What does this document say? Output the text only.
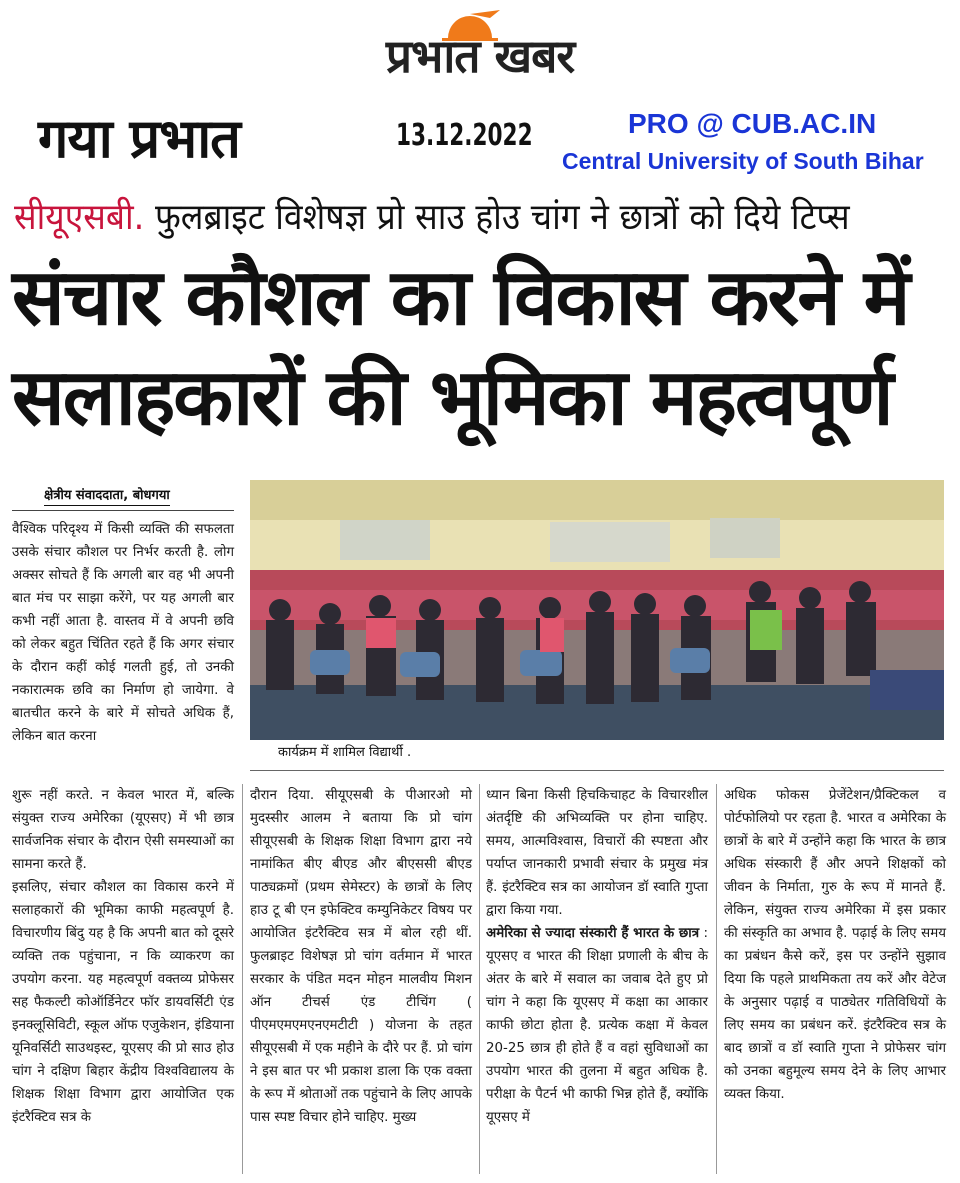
प्रभात खबर
गया प्रभात	13.12.2022	PRO @ CUB.AC.IN
Central University of South Bihar
सीयूएसबी. फुलब्राइट विशेषज्ञ प्रो साउ होउ चांग ने छात्रों को दिये टिप्स
संचार कौशल का विकास करने में
सलाहकारों की भूमिका महत्वपूर्ण
क्षेत्रीय संवाददाता, बोधगया

वैश्विक परिदृश्य में किसी व्यक्ति की सफलता उसके संचार कौशल पर निर्भर करती है. लोग अक्सर सोचते हैं कि अगली बार वह भी अपनी बात मंच पर साझा करेंगे, पर यह अगली बार कभी नहीं आता है. वास्तव में वे अपनी छवि को लेकर बहुत चिंतित रहते हैं कि अगर संचार के दौरान कहीं कोई गलती हुई, तो उनकी नकारात्मक छवि का निर्माण हो जायेगा. वे बातचीत करने के बारे में सोचते अधिक हैं, लेकिन बात करना

कार्यक्रम में शामिल विद्यार्थी .

शुरू नहीं करते. न केवल भारत में, बल्कि संयुक्त राज्य अमेरिका (यूएसए) में भी छात्र सार्वजनिक संचार के दौरान ऐसी समस्याओं का सामना करते हैं.

इसलिए, संचार कौशल का विकास करने में सलाहकारों की भूमिका काफी महत्वपूर्ण है. विचारणीय बिंदु यह है कि अपनी बात को दूसरे व्यक्ति तक पहुंचाना, न कि व्याकरण का उपयोग करना. यह महत्वपूर्ण वक्तव्य प्रोफेसर सह फैकल्टी कोऑर्डिनेटर फॉर डायवर्सिटी एंड इनक्लूसिविटी, स्कूल ऑफ एजुकेशन, इंडियाना यूनिवर्सिटी साउथइस्ट, यूएसए की प्रो साउ होउ चांग ने दक्षिण बिहार केंद्रीय विश्वविद्यालय के शिक्षक शिक्षा विभाग द्वारा आयोजित एक इंटरैक्टिव सत्र के

दौरान दिया. सीयूएसबी के पीआरओ मो मुदस्सीर आलम ने बताया कि प्रो चांग सीयूएसबी के शिक्षक शिक्षा विभाग द्वारा नये नामांकित बीए बीएड और बीएससी बीएड पाठ्यक्रमों (प्रथम सेमेस्टर) के छात्रों के लिए हाउ टू बी एन इफेक्टिव कम्युनिकेटर विषय पर आयोजित इंटरैक्टिव सत्र में बोल रही थीं. फुलब्राइट विशेषज्ञ प्रो चांग वर्तमान में भारत सरकार के पंडित मदन मोहन मालवीय मिशन ऑन टीचर्स एंड टीचिंग ( पीएमएमएमएनएमटीटी ) योजना के तहत सीयूएसबी में एक महीने के दौरे पर हैं. प्रो चांग ने इस बात पर भी प्रकाश डाला कि एक वक्ता के रूप में श्रोताओं तक पहुंचाने के लिए आपके पास स्पष्ट विचार होने चाहिए. मुख्य

ध्यान बिना किसी हिचकिचाहट के विचारशील अंतर्दृष्टि की अभिव्यक्ति पर होना चाहिए. समय, आत्मविश्वास, विचारों की स्पष्टता और पर्याप्त जानकारी प्रभावी संचार के प्रमुख मंत्र हैं. इंटरैक्टिव सत्र का आयोजन डॉ स्वाति गुप्ता द्वारा किया गया.

अमेरिका से ज्यादा संस्कारी हैं भारत के छात्र : यूएसए व भारत की शिक्षा प्रणाली के बीच के अंतर के बारे में सवाल का जवाब देते हुए प्रो चांग ने कहा कि यूएसए में कक्षा का आकार काफी छोटा होता है. प्रत्येक कक्षा में केवल 20-25 छात्र ही होते हैं व वहां सुविधाओं का उपयोग भारत की तुलना में बहुत अधिक है. परीक्षा के पैटर्न भी काफी भिन्न होते हैं, क्योंकि यूएसए में

अधिक फोकस प्रेजेंटेशन/प्रैक्टिकल व पोर्टफोलियो पर रहता है. भारत व अमेरिका के छात्रों के बारे में उन्होंने कहा कि भारत के छात्र अधिक संस्कारी हैं और अपने शिक्षकों को जीवन के निर्माता, गुरु के रूप में मानते हैं. लेकिन, संयुक्त राज्य अमेरिका में इस प्रकार की संस्कृति का अभाव है. पढ़ाई के लिए समय का प्रबंधन कैसे करें, इस पर उन्होंने सुझाव दिया कि पहले प्राथमिकता तय करें और वेटेज के अनुसार पढ़ाई व पाठ्येतर गतिविधियों के लिए समय का प्रबंधन करें. इंटरैक्टिव सत्र के बाद छात्रों व डॉ स्वाति गुप्ता ने प्रोफेसर चांग को उनका बहुमूल्य समय देने के लिए आभार व्यक्त किया.
